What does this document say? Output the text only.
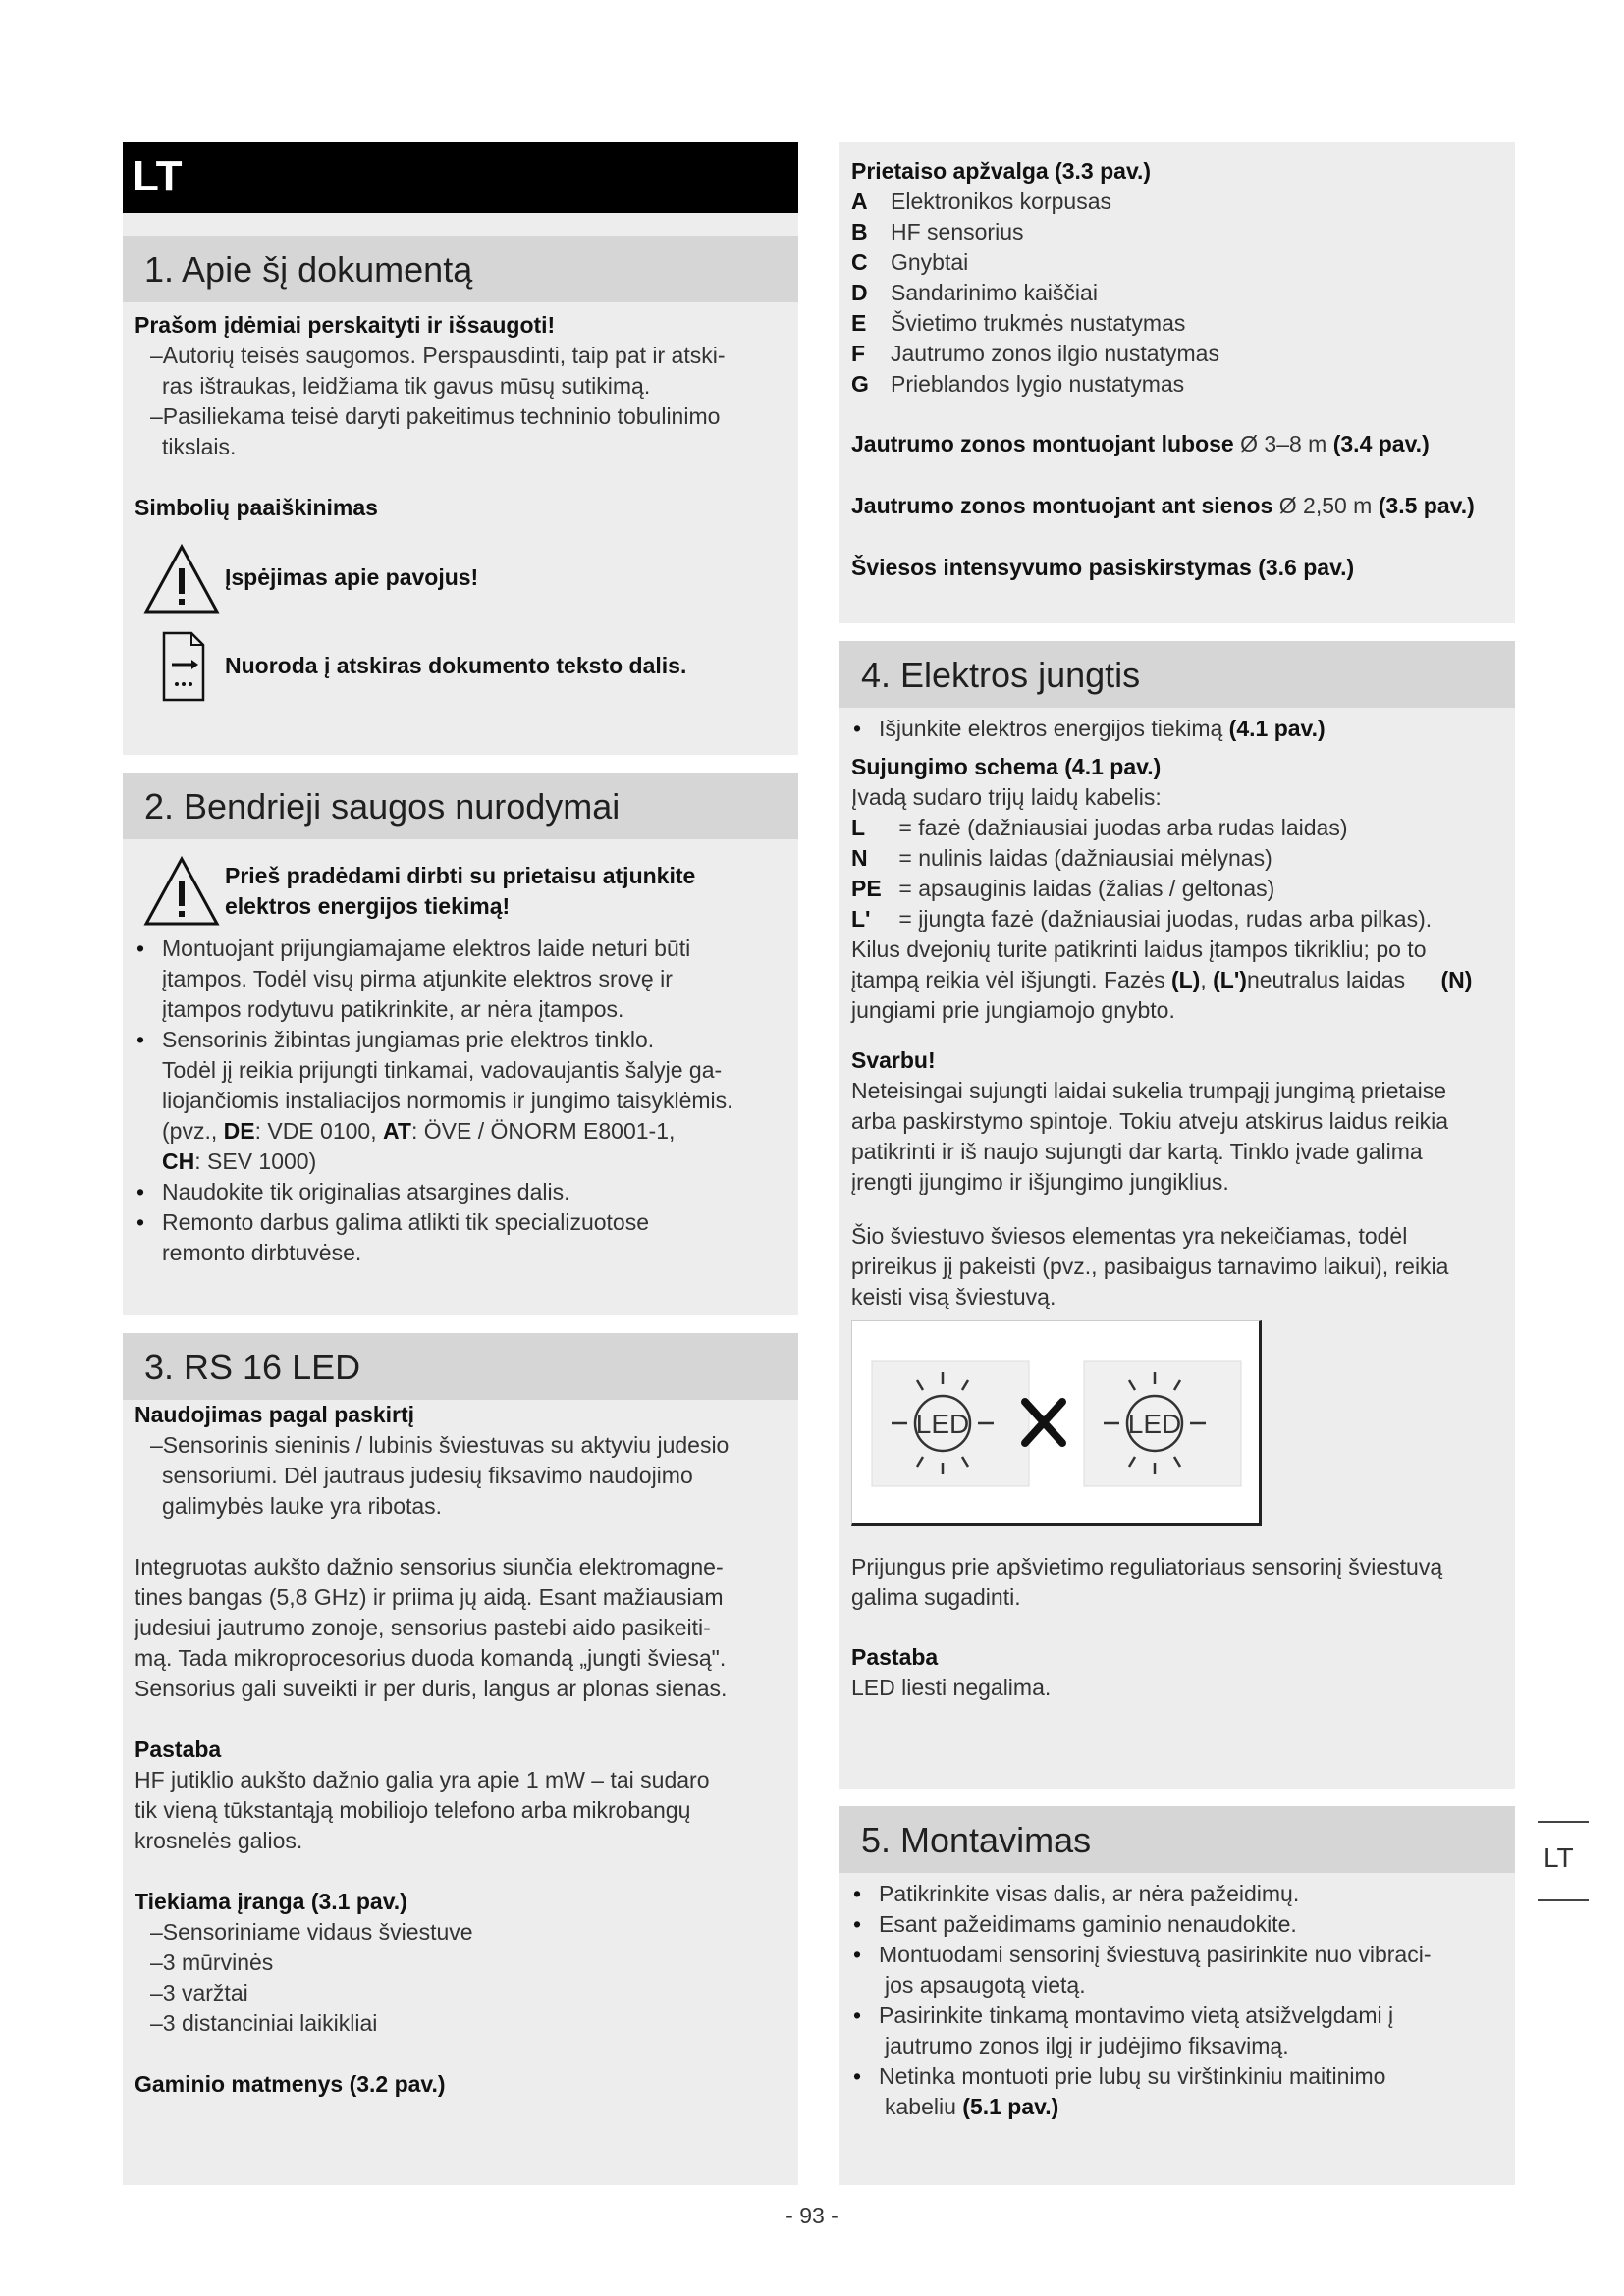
LT
1. Apie šį dokumentą

Prašom įdėmiai perskaityti ir išsaugoti!

–Autorių teisės saugomos. Perspausdinti, taip pat ir atski-

ras ištraukas, leidžiama tik gavus mūsų sutikimą.

–Pasiliekama teisė daryti pakeitimus techninio tobulinimo

tikslais.

Simbolių paaiškinimas

Įspėjimas apie pavojus!
Nuoroda į atskiras dokumento teksto dalis.
2. Bendrieji saugos nurodymai
Prieš pradėdami dirbti su prietaisu atjunkite
elektros energijos tiekimą!

• Montuojant prijungiamajame elektros laide neturi būti

įtampos. Todėl visų pirma atjunkite elektros srovę ir

įtampos rodytuvu patikrinkite, ar nėra įtampos.

• Sensorinis žibintas jungiamas prie elektros tinklo.

Todėl jį reikia prijungti tinkamai, vadovaujantis šalyje ga-

liojančiomis instaliacijos normomis ir jungimo taisyklėmis.

(pvz., DE: VDE 0100, AT: ÖVE / ÖNORM E8001-1,

CH: SEV 1000)

• Naudokite tik originalias atsargines dalis.

• Remonto darbus galima atlikti tik specializuotose

remonto dirbtuvėse.

3. RS 16 LED

Naudojimas pagal paskirtį

–Sensorinis sieninis / lubinis šviestuvas su aktyviu judesio

sensoriumi. Dėl jautraus judesių fiksavimo naudojimo

galimybės lauke yra ribotas.

Integruotas aukšto dažnio sensorius siunčia elektromagne-

tines bangas (5,8 GHz) ir priima jų aidą. Esant mažiausiam

judesiui jautrumo zonoje, sensorius pastebi aido pasikeiti-

mą. Tada mikroprocesorius duoda komandą „jungti šviesą".

Sensorius gali suveikti ir per duris, langus ar plonas sienas.

Pastaba

HF jutiklio aukšto dažnio galia yra apie 1 mW – tai sudaro

tik vieną tūkstantąją mobiliojo telefono arba mikrobangų

krosnelės galios.

Tiekiama įranga (3.1 pav.)

–Sensoriniame vidaus šviestuve

–3 mūrvinės

–3 varžtai

–3 distanciniai laikikliai

Gaminio matmenys (3.2 pav.)

Prietaiso apžvalga (3.3 pav.)

A Elektronikos korpusas

B HF sensorius

C Gnybtai

D Sandarinimo kaiščiai

E Švietimo trukmės nustatymas

F Jautrumo zonos ilgio nustatymas

G Prieblandos lygio nustatymas

Jautrumo zonos montuojant lubose Ø 3–8 m (3.4 pav.)

Jautrumo zonos montuojant ant sienos Ø 2,50 m (3.5 pav.)

Šviesos intensyvumo pasiskirstymas (3.6 pav.)

4. Elektros jungtis

• Išjunkite elektros energijos tiekimą (4.1 pav.)

Sujungimo schema (4.1 pav.)

Įvadą sudaro trijų laidų kabelis:

L = fazė (dažniausiai juodas arba rudas laidas)

N = nulinis laidas (dažniausiai mėlynas)

PE = apsauginis laidas (žalias / geltonas)

L' = įjungta fazė (dažniausiai juodas, rudas arba pilkas).

Kilus dvejonių turite patikrinti laidus įtampos tikrikliu; po to

įtampą reikia vėl išjungti. Fazės (L), (L')neutralus laidas (N)

jungiami prie jungiamojo gnybto.

Svarbu!

Neteisingai sujungti laidai sukelia trumpąjį jungimą prietaise

arba paskirstymo spintoje. Tokiu atveju atskirus laidus reikia

patikrinti ir iš naujo sujungti dar kartą. Tinklo įvade galima

įrengti įjungimo ir išjungimo jungiklius.

Šio šviestuvo šviesos elementas yra nekeičiamas, todėl

prireikus jį pakeisti (pvz., pasibaigus tarnavimo laikui), reikia

keisti visą šviestuvą.

LED	LED

Prijungus prie apšvietimo reguliatoriaus sensorinį šviestuvą

galima sugadinti.

Pastaba

LED liesti negalima.

5. Montavimas

• Patikrinkite visas dalis, ar nėra pažeidimų.

• Esant pažeidimams gaminio nenaudokite.

• Montuodami sensorinį šviestuvą pasirinkite nuo vibraci-

jos apsaugotą vietą.

• Pasirinkite tinkamą montavimo vietą atsižvelgdami į

jautrumo zonos ilgį ir judėjimo fiksavimą.

• Netinka montuoti prie lubų su virštinkiniu maitinimo

kabeliu (5.1 pav.)

LT
- 93 -
